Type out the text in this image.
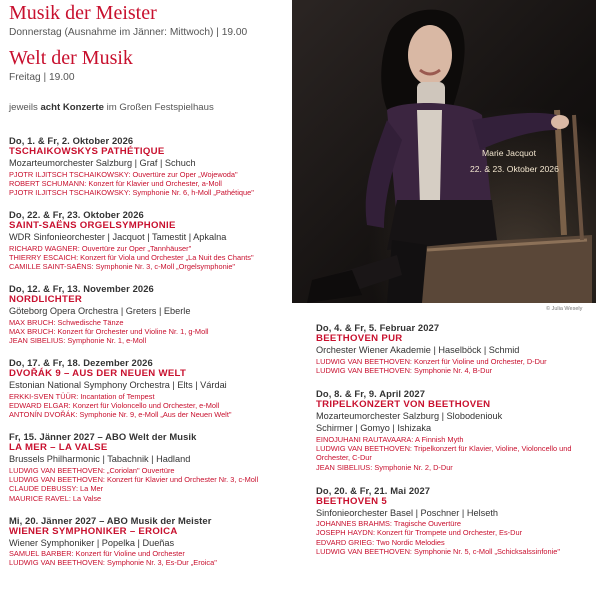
Musik der Meister
Donnerstag (Ausnahme im Jänner: Mittwoch) | 19.00
Welt der Musik
Freitag | 19.00
jeweils acht Konzerte im Großen Festspielhaus
Do, 1. & Fr, 2. Oktober 2026
TSCHAIKOWSKYS PATHÉTIQUE
Mozarteumorchester Salzburg | Graf | Schuch
PJOTR ILJITSCH TSCHAIKOWSKY: Ouvertüre zur Oper „Wojewoda"
ROBERT SCHUMANN: Konzert für Klavier und Orchester, a-Moll
PJOTR ILJITSCH TSCHAIKOWSKY: Symphonie Nr. 6, h-Moll „Pathétique"
Do, 22. & Fr, 23. Oktober 2026
SAINT-SAËNS ORGELSYMPHONIE
WDR Sinfonieorchester | Jacquot | Tamestit | Apkalna
RICHARD WAGNER: Ouvertüre zur Oper „Tannhäuser"
THIERRY ESCAICH: Konzert für Viola und Orchester „La Nuit des Chants"
CAMILLE SAINT-SAËNS: Symphonie Nr. 3, c-Moll „Orgelsymphonie"
Do, 12. & Fr, 13. November 2026
NORDLICHTER
Göteborg Opera Orchestra | Greters | Eberle
MAX BRUCH: Schwedische Tänze
MAX BRUCH: Konzert für Orchester und Violine Nr. 1, g-Moll
JEAN SIBELIUS: Symphonie Nr. 1, e-Moll
Do, 17. & Fr, 18. Dezember 2026
DVOŘÁK 9 – AUS DER NEUEN WELT
Estonian National Symphony Orchestra | Elts | Várdai
ERKKI-SVEN TÜÜR: Incantation of Tempest
EDWARD ELGAR: Konzert für Violoncello und Orchester, e-Moll
ANTONÍN DVOŘÁK: Symphonie Nr. 9, e-Moll „Aus der Neuen Welt"
Fr, 15. Jänner 2027 – ABO Welt der Musik
LA MER – LA VALSE
Brussels Philharmonic | Tabachnik | Hadland
LUDWIG VAN BEETHOVEN: „Coriolan" Ouvertüre
LUDWIG VAN BEETHOVEN: Konzert für Klavier und Orchester Nr. 3, c-Moll
CLAUDE DEBUSSY: La Mer
MAURICE RAVEL: La Valse
Mi, 20. Jänner 2027 – ABO Musik der Meister
WIENER SYMPHONIKER – EROICA
Wiener Symphoniker | Popelka | Dueñas
SAMUEL BARBER: Konzert für Violine und Orchester
LUDWIG VAN BEETHOVEN: Symphonie Nr. 3, Es-Dur „Eroica"
Marie Jacquot
22. & 23. Oktober 2026
© Julia Wesely
Do, 4. & Fr, 5. Februar 2027
BEETHOVEN PUR
Orchester Wiener Akademie | Haselböck | Schmid
LUDWIG VAN BEETHOVEN: Konzert für Violine und Orchester, D-Dur
LUDWIG VAN BEETHOVEN: Symphonie Nr. 4, B-Dur
Do, 8. & Fr, 9. April 2027
TRIPELKONZERT VON BEETHOVEN
Mozarteumorchester Salzburg | Slobodeniouk
Schirmer | Gomyo | Ishizaka
EINOJUHANI RAUTAVAARA: A Finnish Myth
LUDWIG VAN BEETHOVEN: Tripelkonzert für Klavier, Violine, Violoncello und Orchester, C-Dur
JEAN SIBELIUS: Symphonie Nr. 2, D-Dur
Do, 20. & Fr, 21. Mai 2027
BEETHOVEN 5
Sinfonieorchester Basel | Poschner | Helseth
JOHANNES BRAHMS: Tragische Ouvertüre
JOSEPH HAYDN: Konzert für Trompete und Orchester, Es-Dur
EDVARD GRIEG: Two Nordic Melodies
LUDWIG VAN BEETHOVEN: Symphonie Nr. 5, c-Moll „Schicksalssinfonie"
